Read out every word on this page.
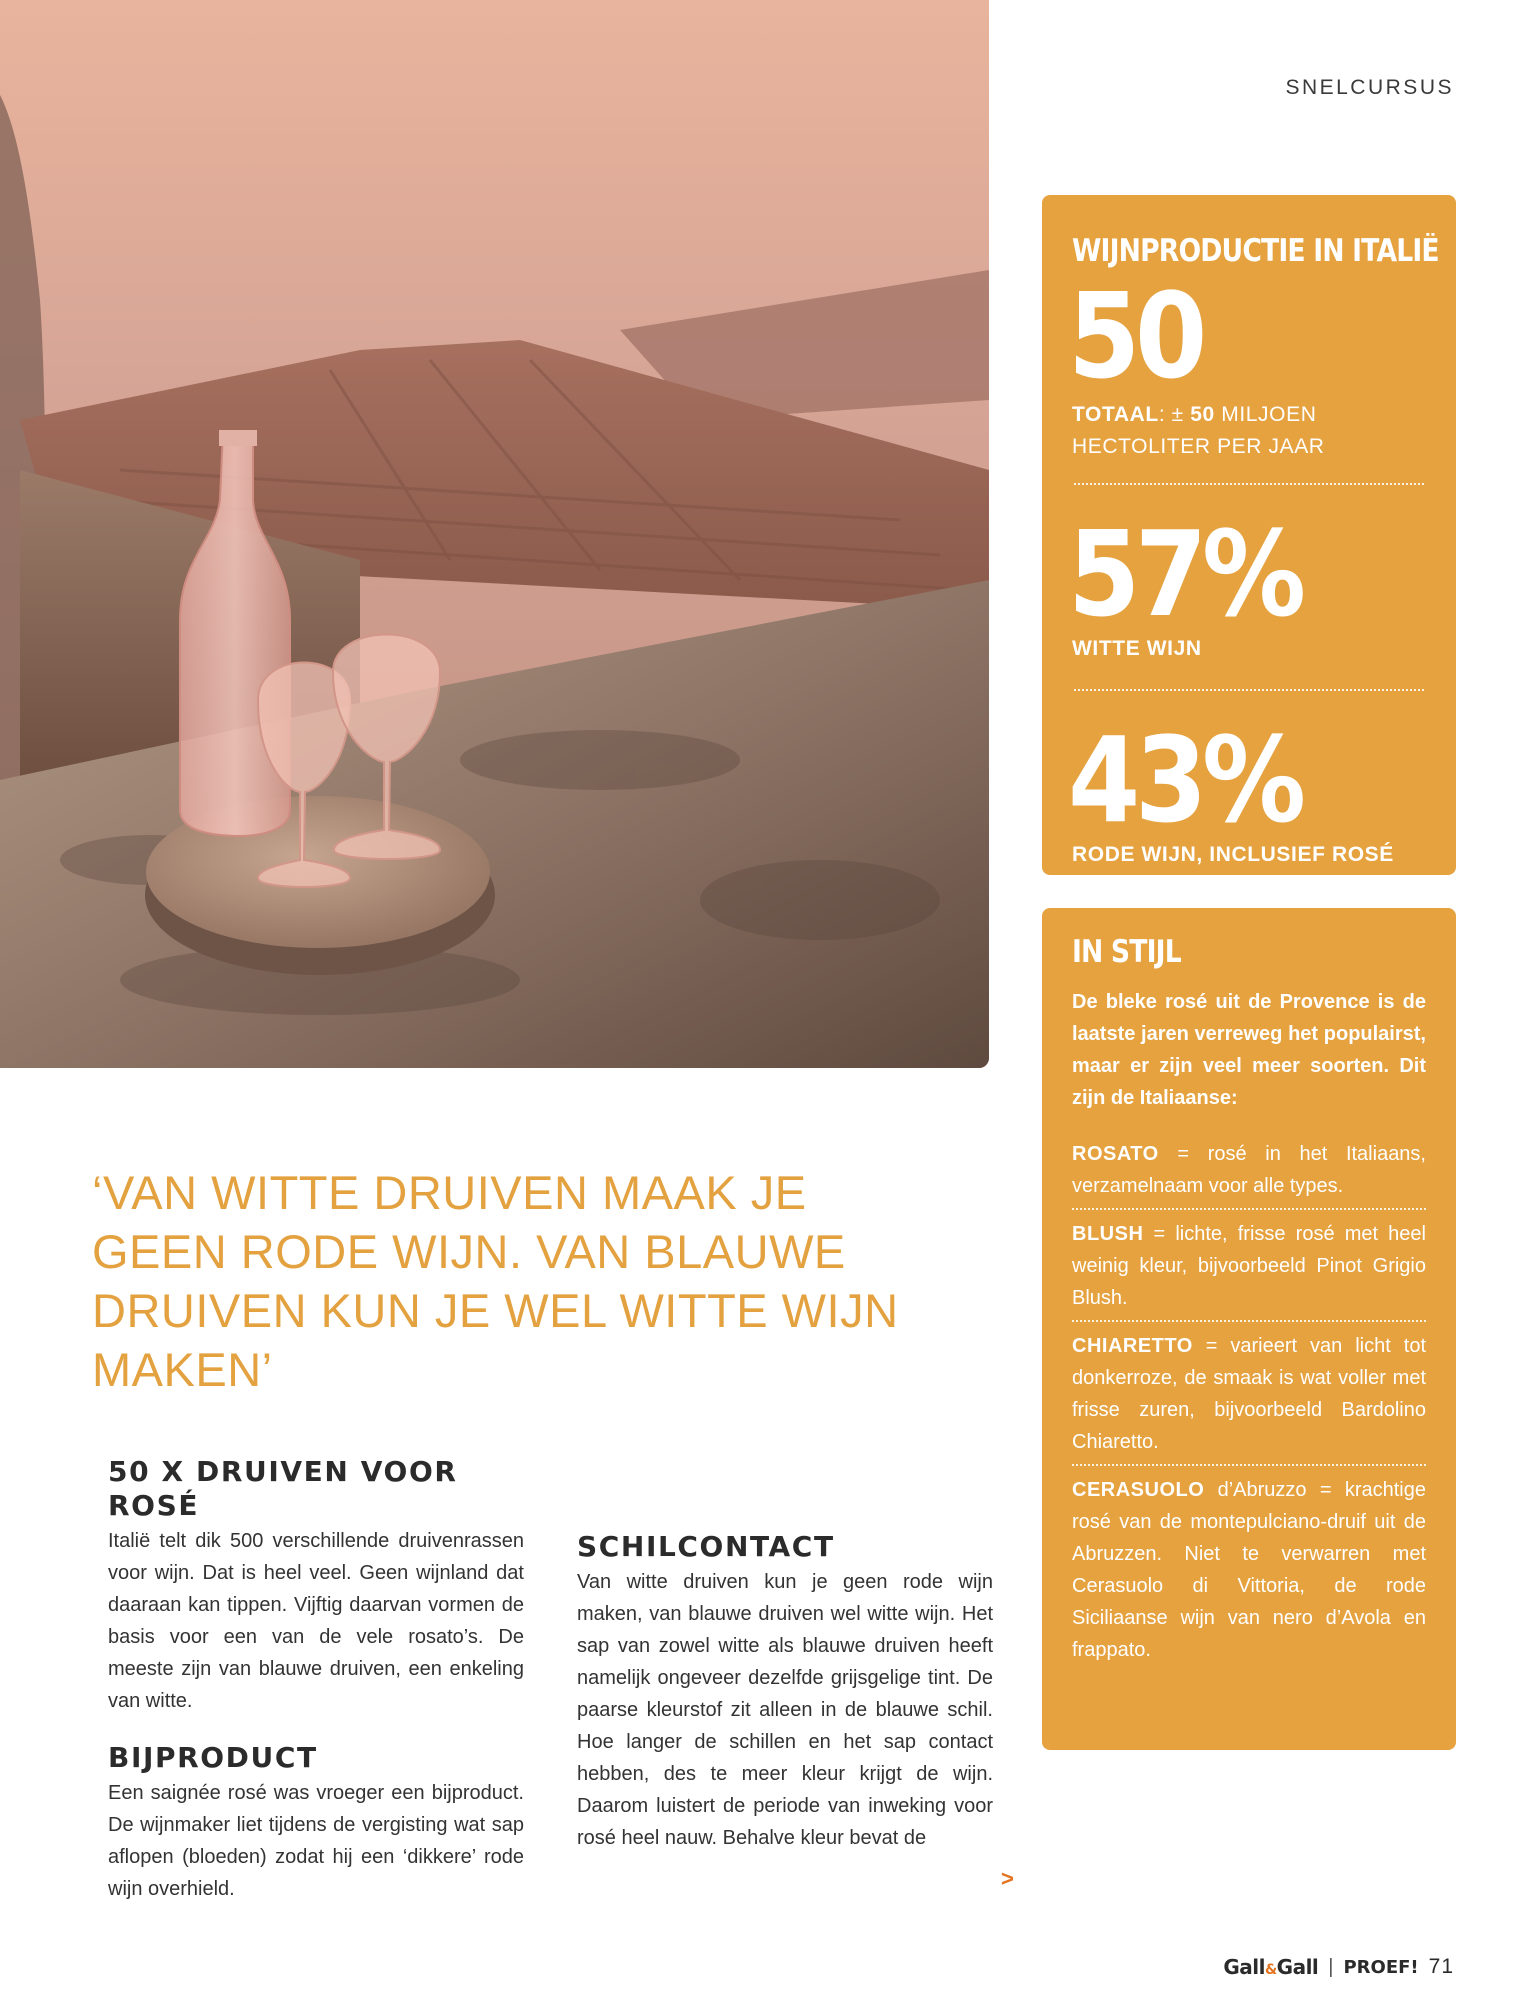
SNELCURSUS
WIJNPRODUCTIE IN ITALIË
50
TOTAAL: ± 50 MILJOEN HECTOLITER PER JAAR
57%
WITTE WIJN
43%
RODE WIJN, INCLUSIEF ROSÉ
IN STIJL
De bleke rosé uit de Provence is de laatste jaren verreweg het populairst, maar er zijn veel meer soorten. Dit zijn de Italiaanse:
ROSATO = rosé in het Italiaans, verzamelnaam voor alle types.
BLUSH = lichte, frisse rosé met heel weinig kleur, bijvoorbeeld Pinot Grigio Blush.
CHIARETTO = varieert van licht tot donkerroze, de smaak is wat voller met frisse zuren, bijvoorbeeld Bardolino Chiaretto.
CERASUOLO d’Abruzzo = krachtige rosé van de montepulciano-druif uit de Abruzzen. Niet te verwarren met Cerasuolo di Vittoria, de rode Siciliaanse wijn van nero d’Avola en frappato.
‘VAN WITTE DRUIVEN MAAK JE GEEN RODE WIJN. VAN BLAUWE DRUIVEN KUN JE WEL WITTE WIJN MAKEN’
50 X DRUIVEN VOOR ROSÉ
Italië telt dik 500 verschillende druivenrassen voor wijn. Dat is heel veel. Geen wijnland dat daaraan kan tippen. Vijftig daarvan vormen de basis voor een van de vele rosato’s. De meeste zijn van blauwe druiven, een enkeling van witte.
BIJPRODUCT
Een saignée rosé was vroeger een bijproduct. De wijnmaker liet tijdens de vergisting wat sap aflopen (bloeden) zodat hij een ‘dikkere’ rode wijn overhield.
SCHILCONTACT
Van witte druiven kun je geen rode wijn maken, van blauwe druiven wel witte wijn. Het sap van zowel witte als blauwe druiven heeft namelijk ongeveer dezelfde grijsgelige tint. De paarse kleurstof zit alleen in de blauwe schil. Hoe langer de schillen en het sap contact hebben, des te meer kleur krijgt de wijn. Daarom luistert de periode van inweking voor rosé heel nauw. Behalve kleur bevat de
>
Gall&Gall | PROEF! 71
